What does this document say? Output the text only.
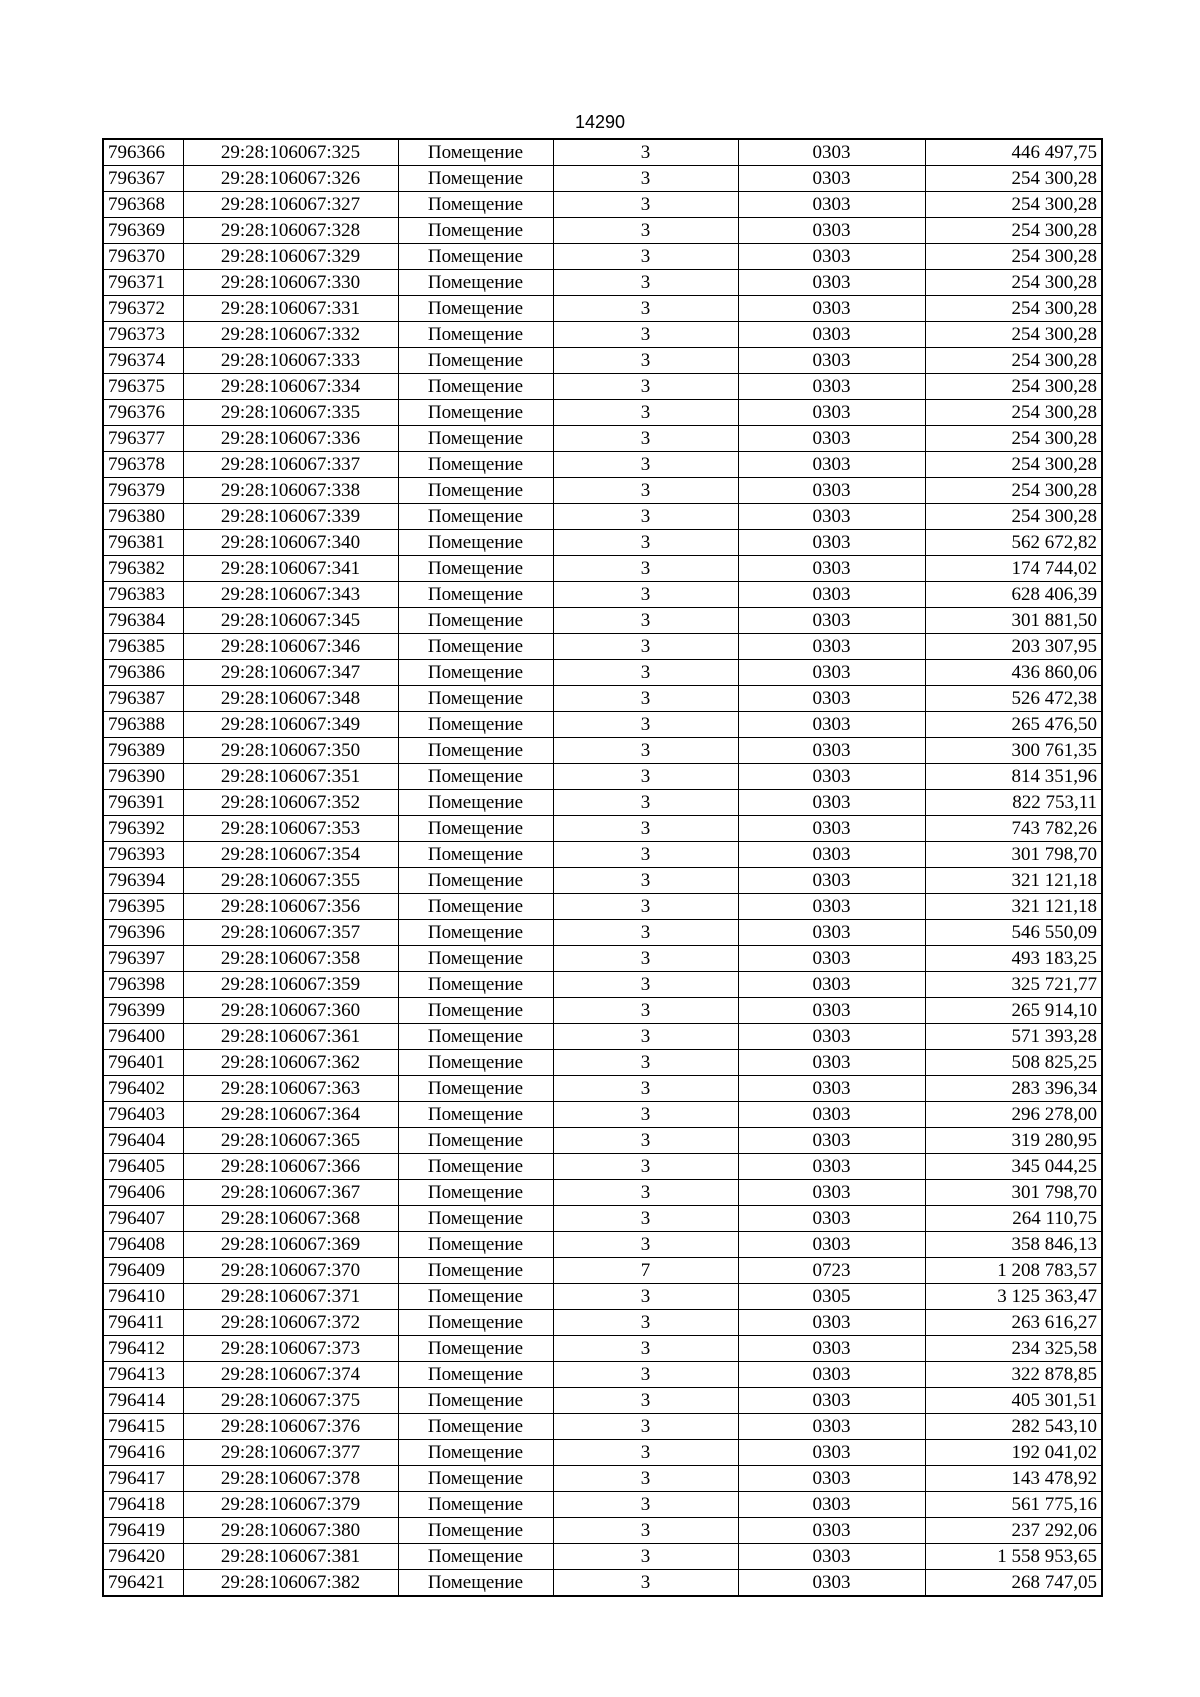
14290
796366	29:28:106067:325	Помещение	3	0303	446 497,75
796367	29:28:106067:326	Помещение	3	0303	254 300,28
796368	29:28:106067:327	Помещение	3	0303	254 300,28
796369	29:28:106067:328	Помещение	3	0303	254 300,28
796370	29:28:106067:329	Помещение	3	0303	254 300,28
796371	29:28:106067:330	Помещение	3	0303	254 300,28
796372	29:28:106067:331	Помещение	3	0303	254 300,28
796373	29:28:106067:332	Помещение	3	0303	254 300,28
796374	29:28:106067:333	Помещение	3	0303	254 300,28
796375	29:28:106067:334	Помещение	3	0303	254 300,28
796376	29:28:106067:335	Помещение	3	0303	254 300,28
796377	29:28:106067:336	Помещение	3	0303	254 300,28
796378	29:28:106067:337	Помещение	3	0303	254 300,28
796379	29:28:106067:338	Помещение	3	0303	254 300,28
796380	29:28:106067:339	Помещение	3	0303	254 300,28
796381	29:28:106067:340	Помещение	3	0303	562 672,82
796382	29:28:106067:341	Помещение	3	0303	174 744,02
796383	29:28:106067:343	Помещение	3	0303	628 406,39
796384	29:28:106067:345	Помещение	3	0303	301 881,50
796385	29:28:106067:346	Помещение	3	0303	203 307,95
796386	29:28:106067:347	Помещение	3	0303	436 860,06
796387	29:28:106067:348	Помещение	3	0303	526 472,38
796388	29:28:106067:349	Помещение	3	0303	265 476,50
796389	29:28:106067:350	Помещение	3	0303	300 761,35
796390	29:28:106067:351	Помещение	3	0303	814 351,96
796391	29:28:106067:352	Помещение	3	0303	822 753,11
796392	29:28:106067:353	Помещение	3	0303	743 782,26
796393	29:28:106067:354	Помещение	3	0303	301 798,70
796394	29:28:106067:355	Помещение	3	0303	321 121,18
796395	29:28:106067:356	Помещение	3	0303	321 121,18
796396	29:28:106067:357	Помещение	3	0303	546 550,09
796397	29:28:106067:358	Помещение	3	0303	493 183,25
796398	29:28:106067:359	Помещение	3	0303	325 721,77
796399	29:28:106067:360	Помещение	3	0303	265 914,10
796400	29:28:106067:361	Помещение	3	0303	571 393,28
796401	29:28:106067:362	Помещение	3	0303	508 825,25
796402	29:28:106067:363	Помещение	3	0303	283 396,34
796403	29:28:106067:364	Помещение	3	0303	296 278,00
796404	29:28:106067:365	Помещение	3	0303	319 280,95
796405	29:28:106067:366	Помещение	3	0303	345 044,25
796406	29:28:106067:367	Помещение	3	0303	301 798,70
796407	29:28:106067:368	Помещение	3	0303	264 110,75
796408	29:28:106067:369	Помещение	3	0303	358 846,13
796409	29:28:106067:370	Помещение	7	0723	1 208 783,57
796410	29:28:106067:371	Помещение	3	0305	3 125 363,47
796411	29:28:106067:372	Помещение	3	0303	263 616,27
796412	29:28:106067:373	Помещение	3	0303	234 325,58
796413	29:28:106067:374	Помещение	3	0303	322 878,85
796414	29:28:106067:375	Помещение	3	0303	405 301,51
796415	29:28:106067:376	Помещение	3	0303	282 543,10
796416	29:28:106067:377	Помещение	3	0303	192 041,02
796417	29:28:106067:378	Помещение	3	0303	143 478,92
796418	29:28:106067:379	Помещение	3	0303	561 775,16
796419	29:28:106067:380	Помещение	3	0303	237 292,06
796420	29:28:106067:381	Помещение	3	0303	1 558 953,65
796421	29:28:106067:382	Помещение	3	0303	268 747,05
